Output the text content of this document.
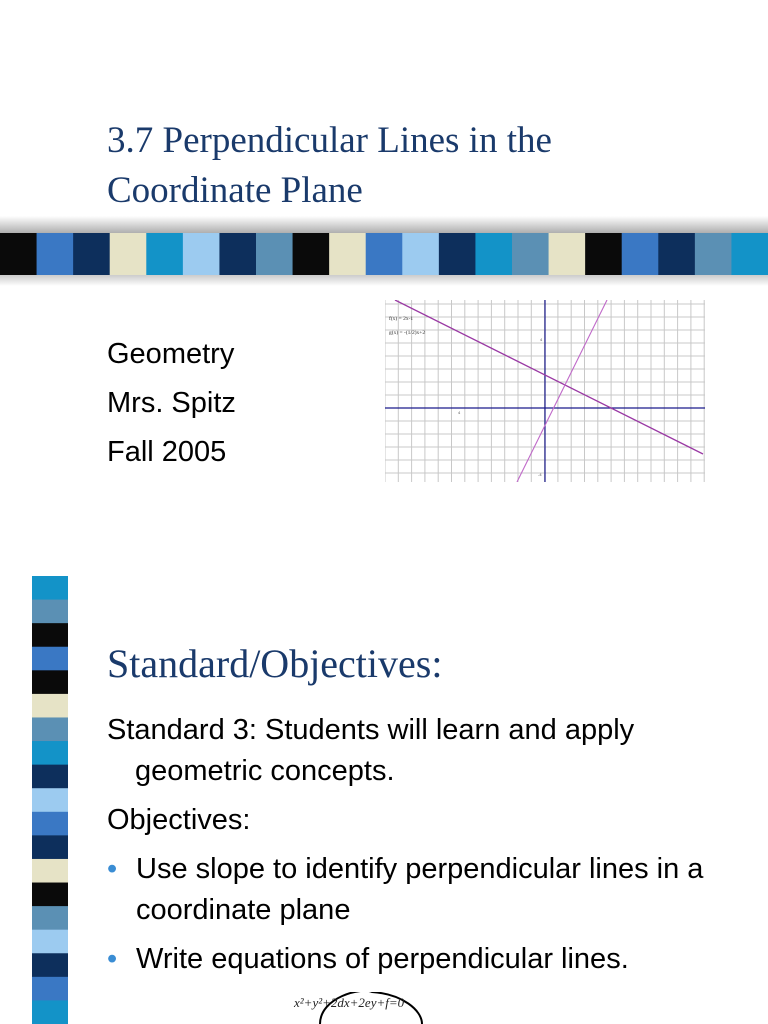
3.7 Perpendicular Lines in the
Coordinate Plane
Geometry
Mrs. Spitz
Fall 2005
f(x) = 2x-1
g(x) = -(1/2)x+2
4
4
-4
Standard/Objectives:

Standard 3: Students will learn and apply geometric concepts.

Objectives:

• Use slope to identify perpendicular lines in a coordinate plane
• Write equations of perpendicular lines.
x²+y²+2dx+2ey+f=0
